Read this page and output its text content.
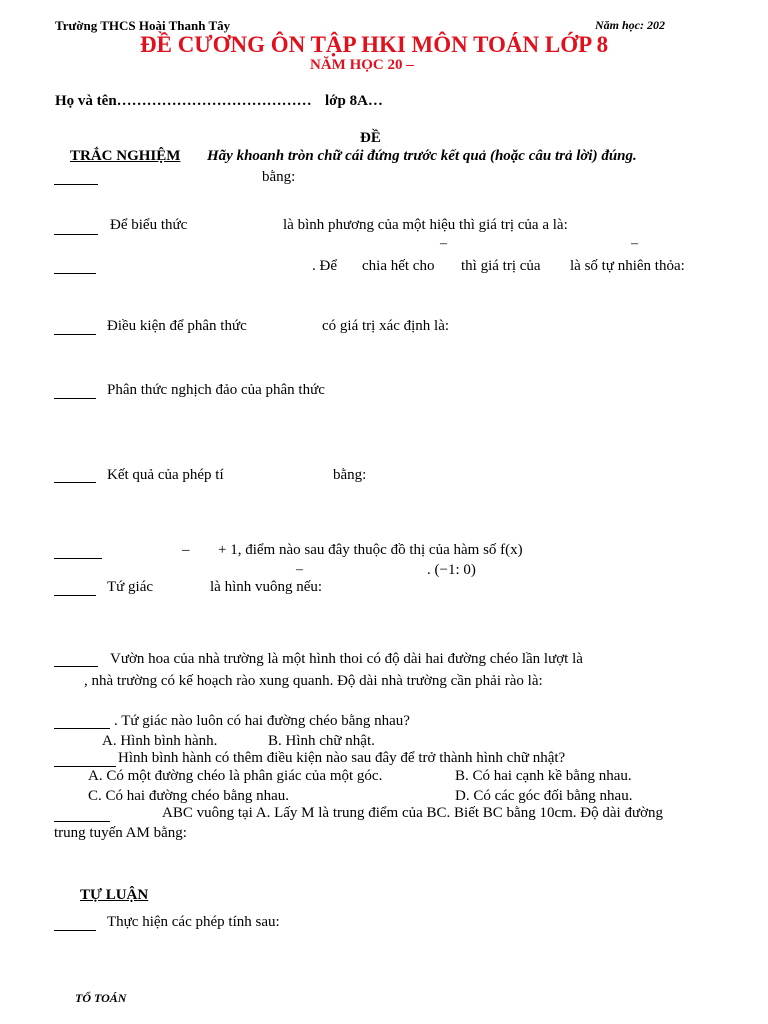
Trường THCS Hoài Thanh Tây	Năm học: 202
ĐỀ CƯƠNG ÔN TẬP HKI MÔN TOÁN LỚP 8
NĂM HỌC 20 –
Họ và tên………………………………… lớp 8A…
ĐỀ
TRẮC NGHIỆM Hãy khoanh tròn chữ cái đứng trước kết quả (hoặc câu trả lời) đúng.
bằng:
Để biểu thức	là bình phương của một hiệu thì giá trị của a là:
–	–
. Để chia hết cho thì giá trị của là số tự nhiên thỏa:
Điều kiện để phân thức	có giá trị xác định là:
Phân thức nghịch đảo của phân thức
Kết quả của phép tí	bằng:
– + 1, điểm nào sau đây thuộc đồ thị của hàm số f(x)
–	. (−1: 0)
Tứ giác	là hình vuông nếu:
Vườn hoa của nhà trường là một hình thoi có độ dài hai đường chéo lần lượt là
, nhà trường có kế hoạch rào xung quanh. Độ dài nhà trường cần phải rào là:
. Tứ giác nào luôn có hai đường chéo bằng nhau?
A. Hình bình hành.	B. Hình chữ nhật.
Hình bình hành có thêm điều kiện nào sau đây để trở thành hình chữ nhật?
A. Có một đường chéo là phân giác của một góc.	B. Có hai cạnh kề bằng nhau.
C. Có hai đường chéo bằng nhau.	D. Có các góc đối bằng nhau.
ABC vuông tại A. Lấy M là trung điểm của BC. Biết BC bằng 10cm. Độ dài đường
trung tuyến AM bằng:
TỰ LUẬN
Thực hiện các phép tính sau:
TỔ TOÁN
